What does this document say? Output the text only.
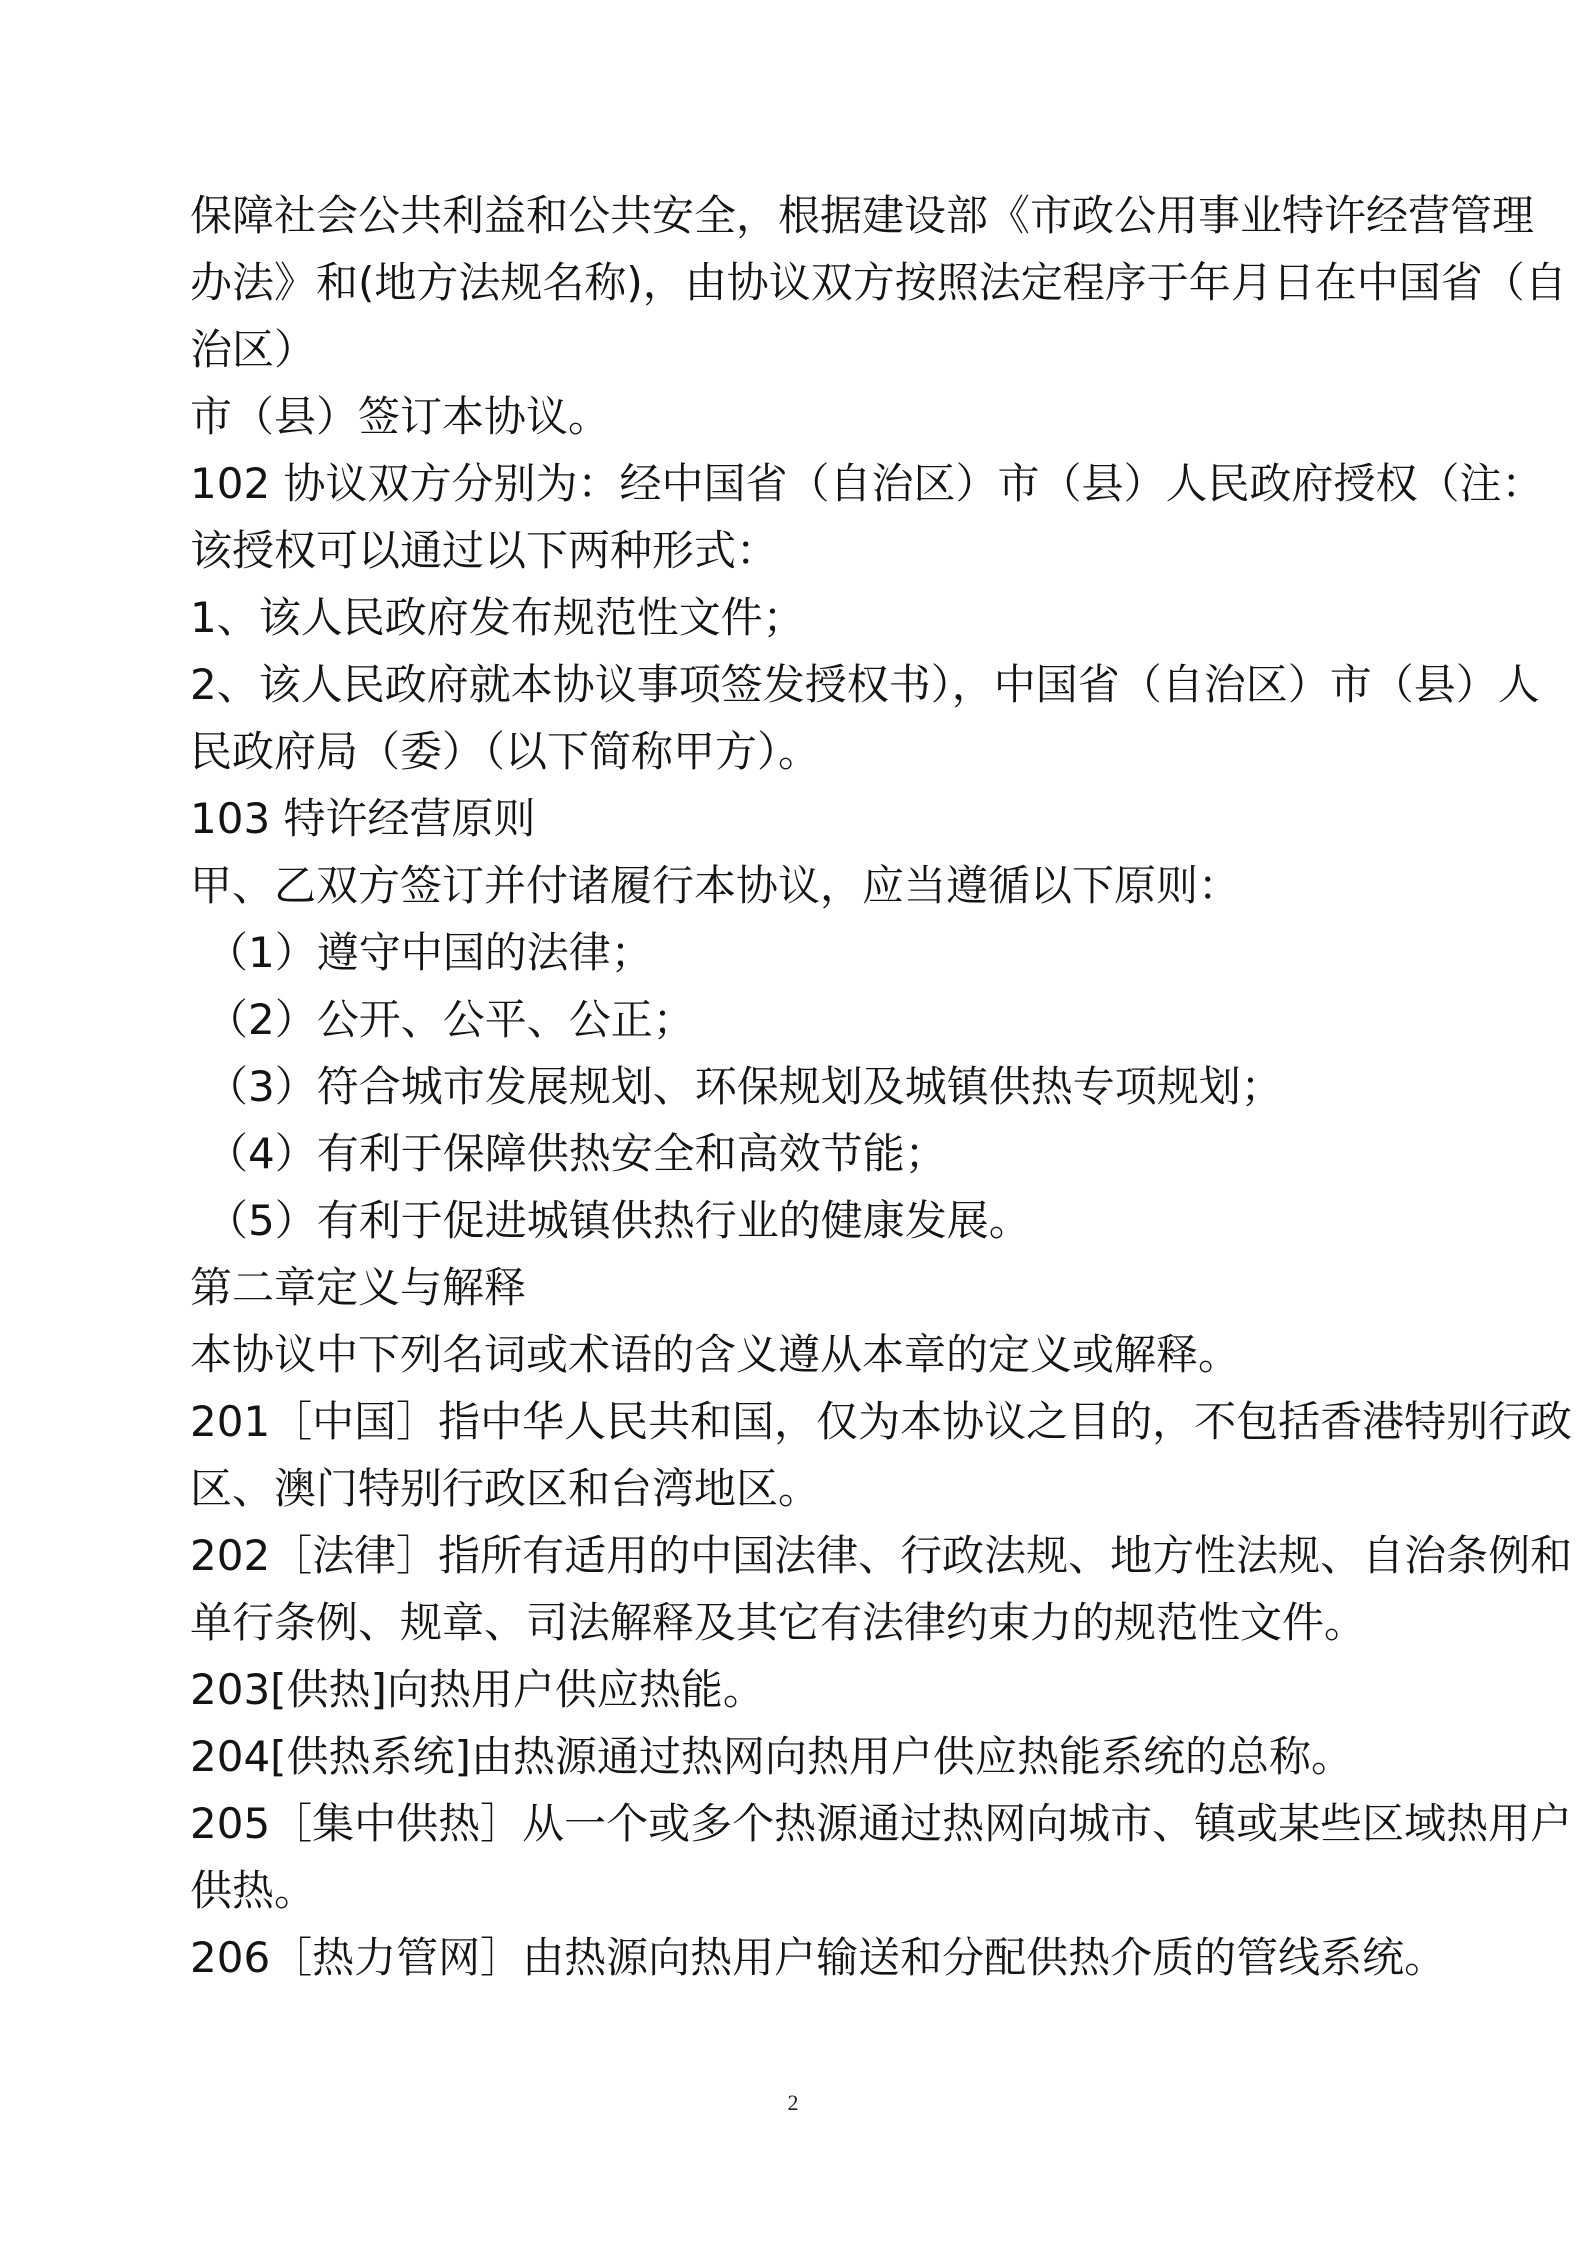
保障社会公共利益和公共安全，根据建设部《市政公用事业特许经营管理
办法》和(地方法规名称)，由协议双方按照法定程序于年月日在中国省（自
治区）
市（县）签订本协议。
102 协议双方分别为：经中国省（自治区）市（县）人民政府授权（注：
该授权可以通过以下两种形式：
1、该人民政府发布规范性文件；
2、该人民政府就本协议事项签发授权书），中国省（自治区）市（县）人
民政府局（委）（以下简称甲方）。
103 特许经营原则
甲、乙双方签订并付诸履行本协议，应当遵循以下原则：
（1）遵守中国的法律；
（2）公开、公平、公正；
（3）符合城市发展规划、环保规划及城镇供热专项规划；
（4）有利于保障供热安全和高效节能；
（5）有利于促进城镇供热行业的健康发展。
第二章定义与解释
本协议中下列名词或术语的含义遵从本章的定义或解释。
201［中国］指中华人民共和国，仅为本协议之目的，不包括香港特别行政
区、澳门特别行政区和台湾地区。
202［法律］指所有适用的中国法律、行政法规、地方性法规、自治条例和
单行条例、规章、司法解释及其它有法律约束力的规范性文件。
203[供热]向热用户供应热能。
204[供热系统]由热源通过热网向热用户供应热能系统的总称。
205［集中供热］从一个或多个热源通过热网向城市、镇或某些区域热用户
供热。
206［热力管网］由热源向热用户输送和分配供热介质的管线系统。
2
